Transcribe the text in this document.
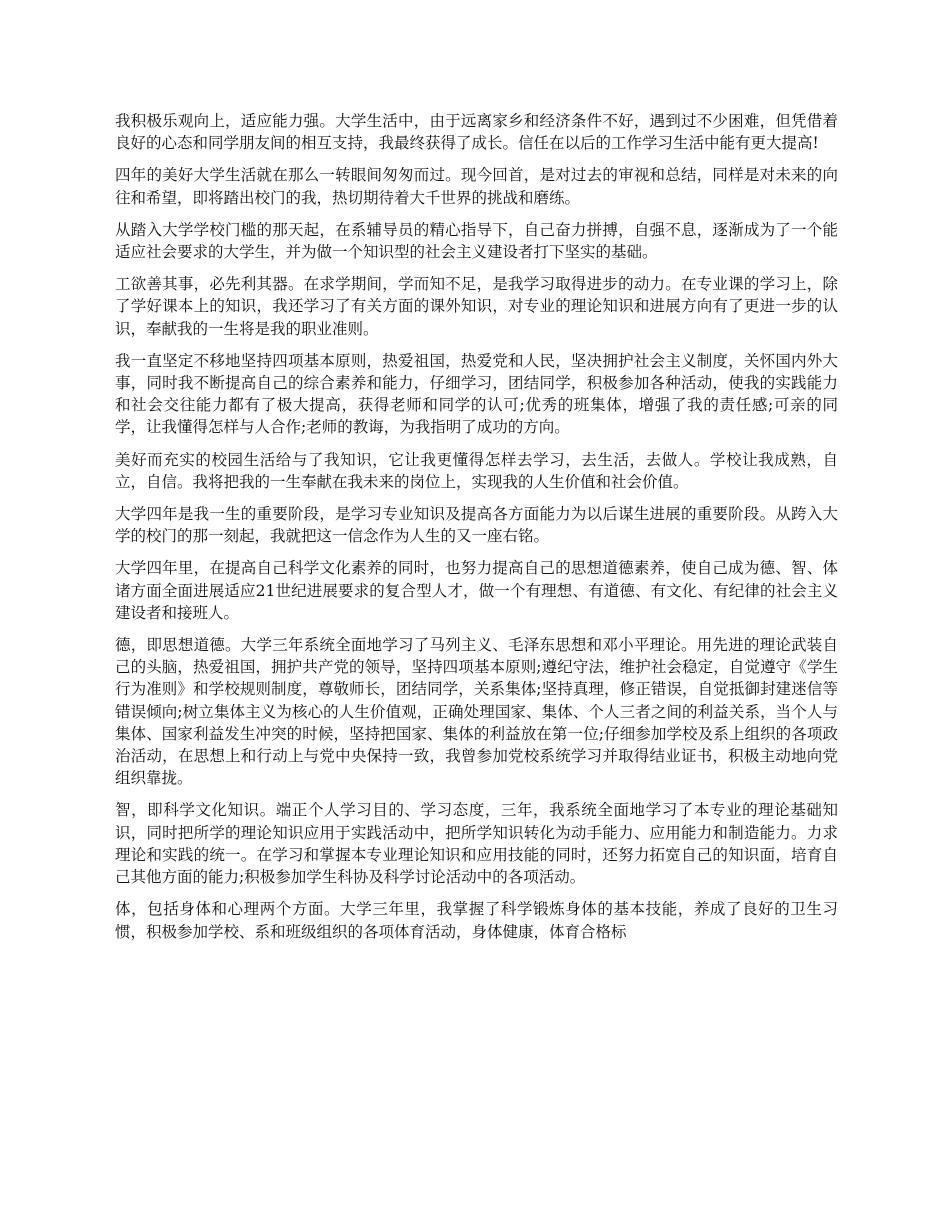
我积极乐观向上，适应能力强。大学生活中，由于远离家乡和经济条件不好，遇到过不少困难，但凭借着良好的心态和同学朋友间的相互支持，我最终获得了成长。信任在以后的工作学习生活中能有更大提高!

四年的美好大学生活就在那么一转眼间匆匆而过。现今回首，是对过去的审视和总结，同样是对未来的向往和希望，即将踏出校门的我，热切期待着大千世界的挑战和磨练。

从踏入大学学校门槛的那天起，在系辅导员的精心指导下，自己奋力拼搏，自强不息，逐渐成为了一个能适应社会要求的大学生，并为做一个知识型的社会主义建设者打下坚实的基础。

工欲善其事，必先利其器。在求学期间，学而知不足，是我学习取得进步的动力。在专业课的学习上，除了学好课本上的知识，我还学习了有关方面的课外知识，对专业的理论知识和进展方向有了更进一步的认识，奉献我的一生将是我的职业准则。

我一直坚定不移地坚持四项基本原则，热爱祖国，热爱党和人民，坚决拥护社会主义制度，关怀国内外大事，同时我不断提高自己的综合素养和能力，仔细学习，团结同学，积极参加各种活动，使我的实践能力和社会交往能力都有了极大提高，获得老师和同学的认可;优秀的班集体，增强了我的责任感;可亲的同学，让我懂得怎样与人合作;老师的教诲，为我指明了成功的方向。

美好而充实的校园生活给与了我知识，它让我更懂得怎样去学习，去生活，去做人。学校让我成熟，自立，自信。我将把我的一生奉献在我未来的岗位上，实现我的人生价值和社会价值。

大学四年是我一生的重要阶段，是学习专业知识及提高各方面能力为以后谋生进展的重要阶段。从跨入大学的校门的那一刻起，我就把这一信念作为人生的又一座右铭。

大学四年里，在提高自己科学文化素养的同时，也努力提高自己的思想道德素养，使自己成为德、智、体诸方面全面进展适应21世纪进展要求的复合型人才，做一个有理想、有道德、有文化、有纪律的社会主义建设者和接班人。

德，即思想道德。大学三年系统全面地学习了马列主义、毛泽东思想和邓小平理论。用先进的理论武装自己的头脑，热爱祖国，拥护共产党的领导，坚持四项基本原则;遵纪守法，维护社会稳定，自觉遵守《学生行为准则》和学校规则制度，尊敬师长，团结同学，关系集体;坚持真理，修正错误，自觉抵御封建迷信等错误倾向;树立集体主义为核心的人生价值观，正确处理国家、集体、个人三者之间的利益关系，当个人与集体、国家利益发生冲突的时候，坚持把国家、集体的利益放在第一位;仔细参加学校及系上组织的各项政治活动，在思想上和行动上与党中央保持一致，我曾参加党校系统学习并取得结业证书，积极主动地向党组织靠拢。

智，即科学文化知识。端正个人学习目的、学习态度，三年，我系统全面地学习了本专业的理论基础知识，同时把所学的理论知识应用于实践活动中，把所学知识转化为动手能力、应用能力和制造能力。力求理论和实践的统一。在学习和掌握本专业理论知识和应用技能的同时，还努力拓宽自己的知识面，培育自己其他方面的能力;积极参加学生科协及科学讨论活动中的各项活动。

体，包括身体和心理两个方面。大学三年里，我掌握了科学锻炼身体的基本技能，养成了良好的卫生习惯，积极参加学校、系和班级组织的各项体育活动，身体健康，体育合格标
